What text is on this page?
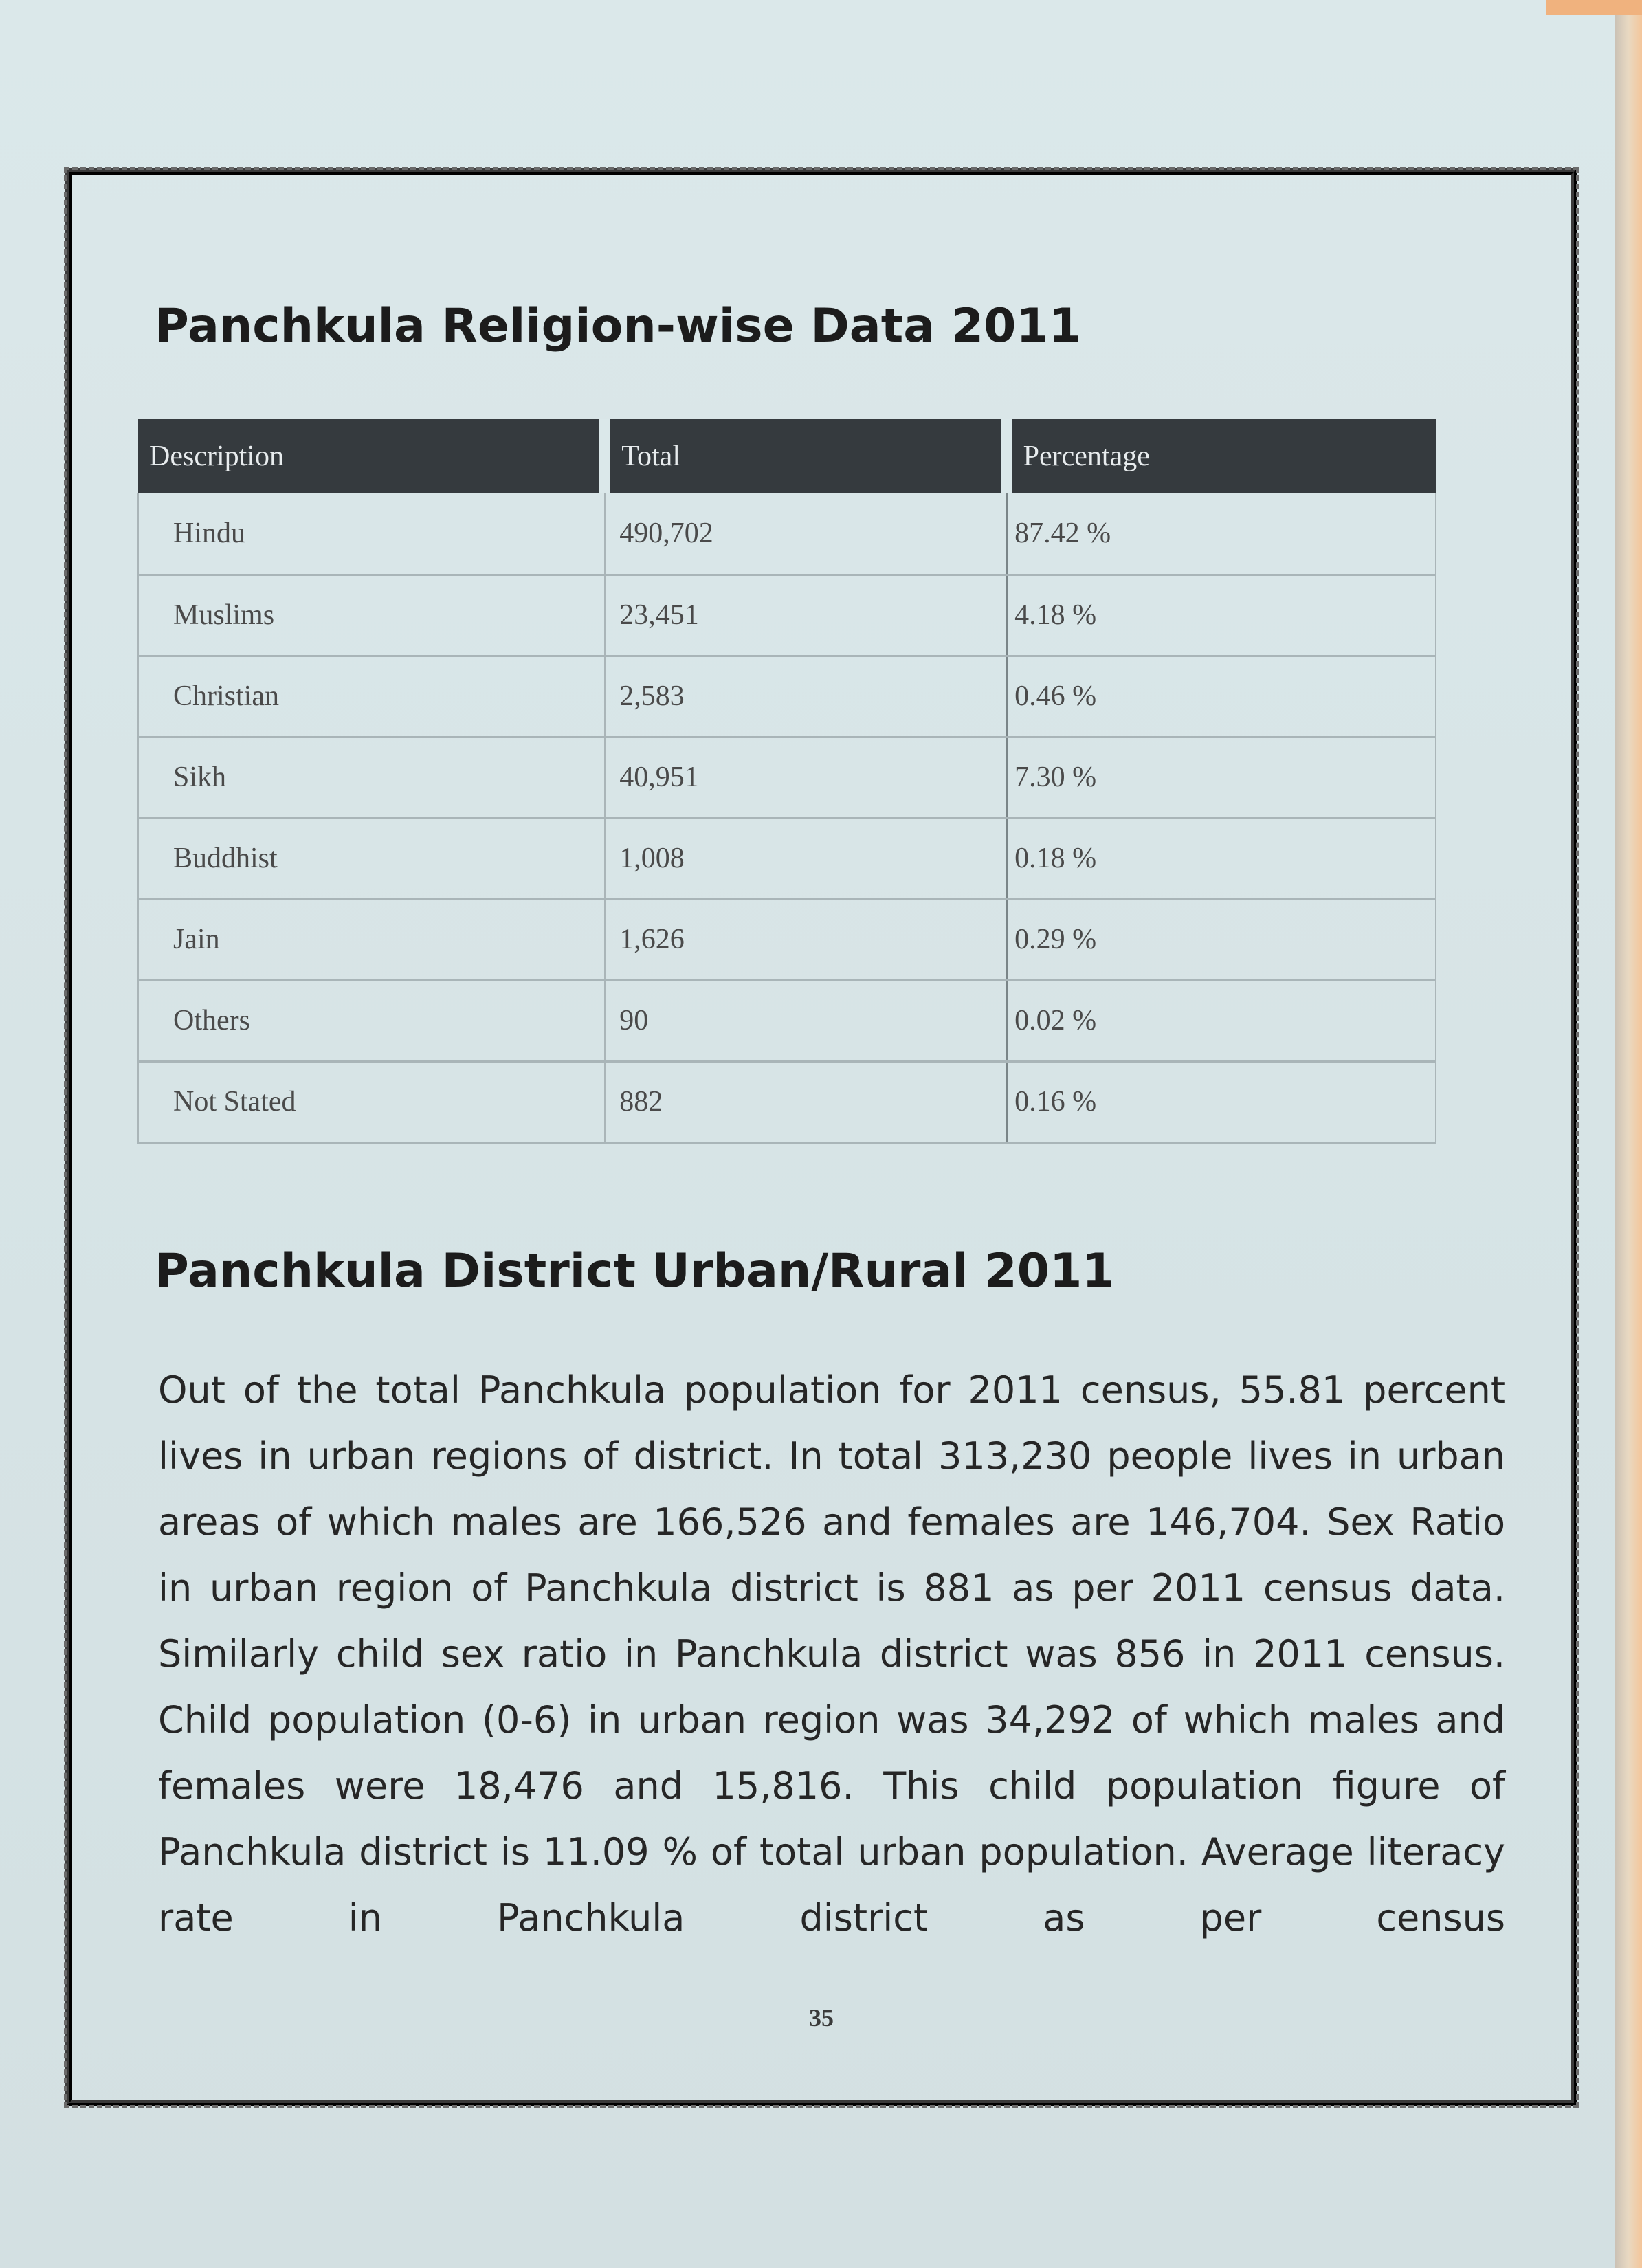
Panchkula Religion-wise Data 2011
Description	Total	Percentage
Hindu	490,702	87.42 %
Muslims	23,451	4.18 %
Christian	2,583	0.46 %
Sikh	40,951	7.30 %
Buddhist	1,008	0.18 %
Jain	1,626	0.29 %
Others	90	0.02 %
Not Stated	882	0.16 %
Panchkula District Urban/Rural 2011
Out of the total Panchkula population for 2011 census, 55.81 percent lives in urban regions of district. In total 313,230 people lives in urban areas of which males are 166,526 and females are 146,704. Sex Ratio in urban region of Panchkula district is 881 as per 2011 census data. Similarly child sex ratio in Panchkula district was 856 in 2011 census. Child population (0-6) in urban region was 34,292 of which males and females were 18,476 and 15,816. This child population figure of Panchkula district is 11.09 % of total urban population. Average literacy rate in Panchkula district as per census
35
